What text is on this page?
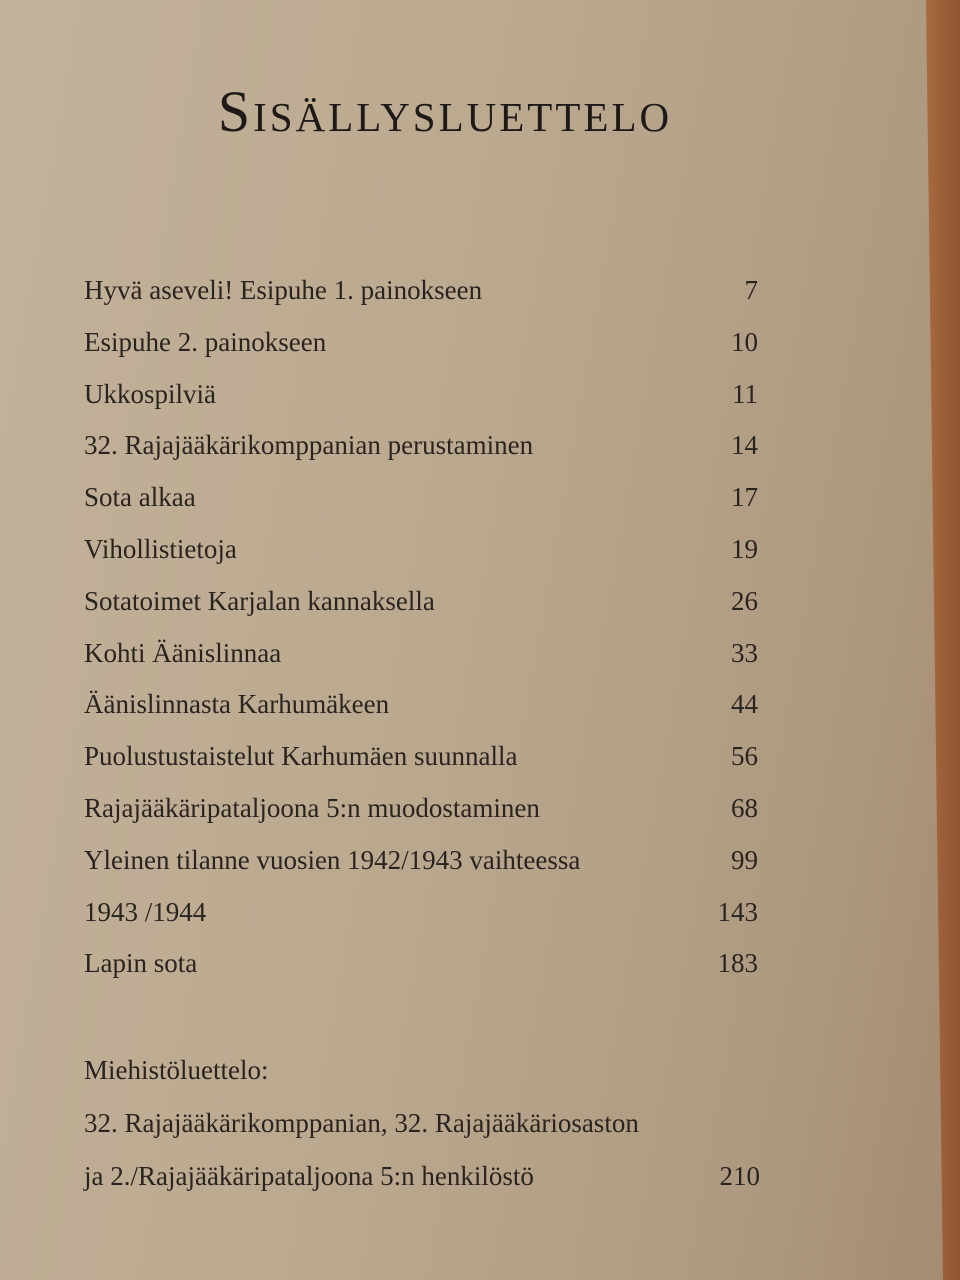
Sisällysluettelo
Hyvä aseveli! Esipuhe 1. painokseen	7
Esipuhe 2. painokseen	10
Ukkospilviä	11
32. Rajajääkärikomppanian perustaminen	14
Sota alkaa	17
Vihollistietoja	19
Sotatoimet Karjalan kannaksella	26
Kohti Äänislinnaa	33
Äänislinnasta Karhumäkeen	44
Puolustustaistelut Karhumäen suunnalla	56
Rajajääkäripataljoona 5:n muodostaminen	68
Yleinen tilanne vuosien 1942/1943 vaihteessa	99
1943 /1944	143
Lapin sota	183
Miehistöluettelo:
32. Rajajääkärikomppanian, 32. Rajajääkäriosaston
ja 2./Rajajääkäripataljoona 5:n henkilöstö	210
